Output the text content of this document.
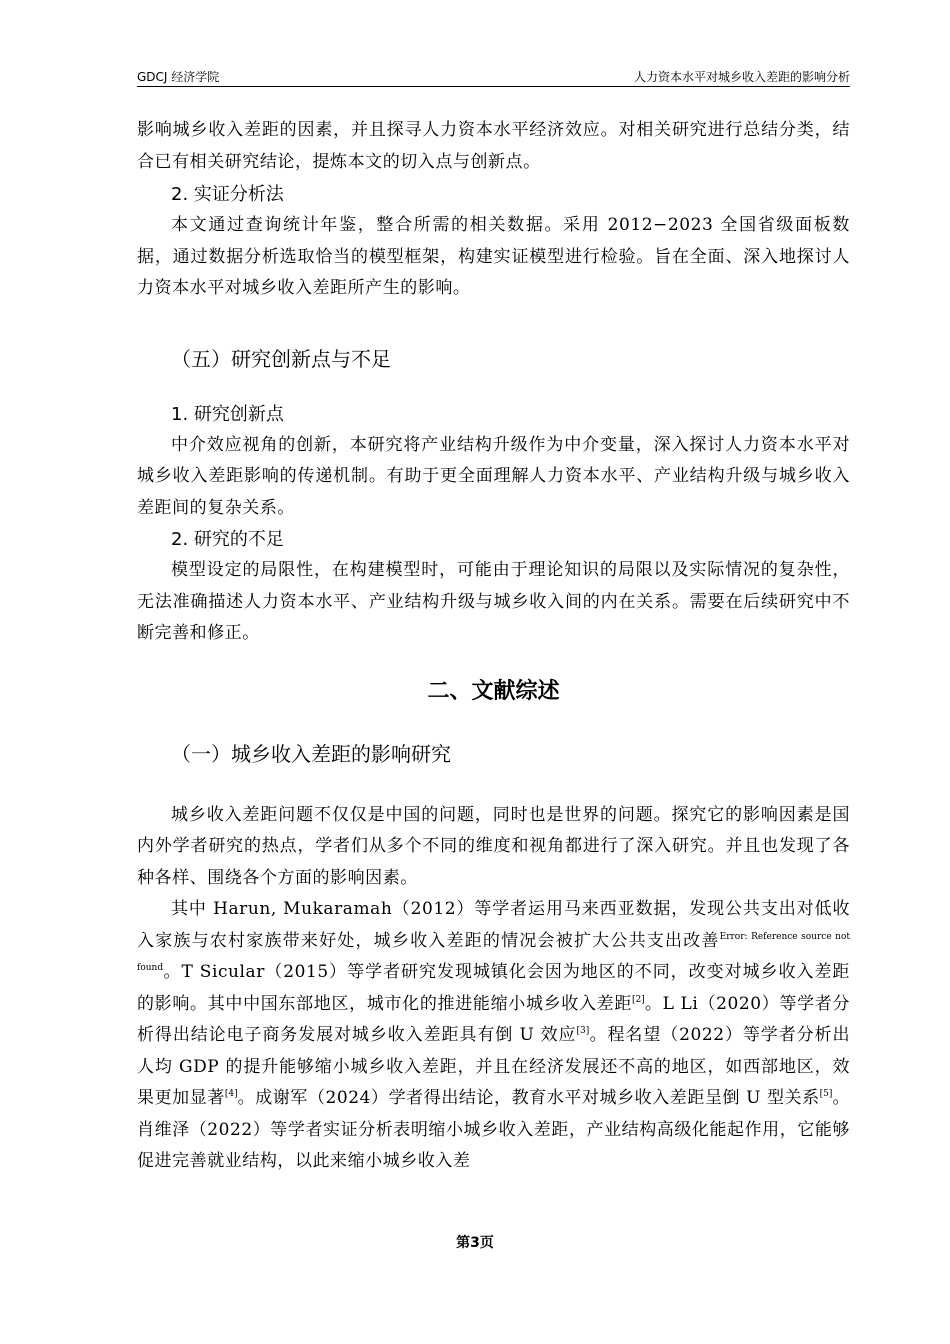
GDCJ 经济学院	人力资本水平对城乡收入差距的影响分析

影响城乡收入差距的因素，并且探寻人力资本水平经济效应。对相关研究进行总结分类，结合已有相关研究结论，提炼本文的切入点与创新点。

2. 实证分析法

本文通过查询统计年鉴，整合所需的相关数据。采用 2012−2023 全国省级面板数据，通过数据分析选取恰当的模型框架，构建实证模型进行检验。旨在全面、深入地探讨人力资本水平对城乡收入差距所产生的影响。

（五）研究创新点与不足
1. 研究创新点

中介效应视角的创新，本研究将产业结构升级作为中介变量，深入探讨人力资本水平对城乡收入差距影响的传递机制。有助于更全面理解人力资本水平、产业结构升级与城乡收入差距间的复杂关系。

2. 研究的不足

模型设定的局限性，在构建模型时，可能由于理论知识的局限以及实际情况的复杂性，无法准确描述人力资本水平、产业结构升级与城乡收入间的内在关系。需要在后续研究中不断完善和修正。

二、文献综述
（一）城乡收入差距的影响研究

城乡收入差距问题不仅仅是中国的问题，同时也是世界的问题。探究它的影响因素是国内外学者研究的热点，学者们从多个不同的维度和视角都进行了深入研究。并且也发现了各种各样、围绕各个方面的影响因素。

其中 Harun, Mukaramah（2012）等学者运用马来西亚数据，发现公共支出对低收入家族与农村家族带来好处，城乡收入差距的情况会被扩大公共支出改善$^{Error: Reference source not found}$。T Sicular（2015）等学者研究发现城镇化会因为地区的不同，改变对城乡收入差距的影响。其中中国东部地区，城市化的推进能缩小城乡收入差距[2]。L Li（2020）等学者分析得出结论电子商务发展对城乡收入差距具有倒 U 效应[3]。程名望（2022）等学者分析出人均 GDP 的提升能够缩小城乡收入差距，并且在经济发展还不高的地区，如西部地区，效果更加显著[4]。成谢军（2024）学者得出结论，教育水平对城乡收入差距呈倒 U 型关系[5]。肖维泽（2022）等学者实证分析表明缩小城乡收入差距，产业结构高级化能起作用，它能够促进完善就业结构，以此来缩小城乡收入差

第3页
